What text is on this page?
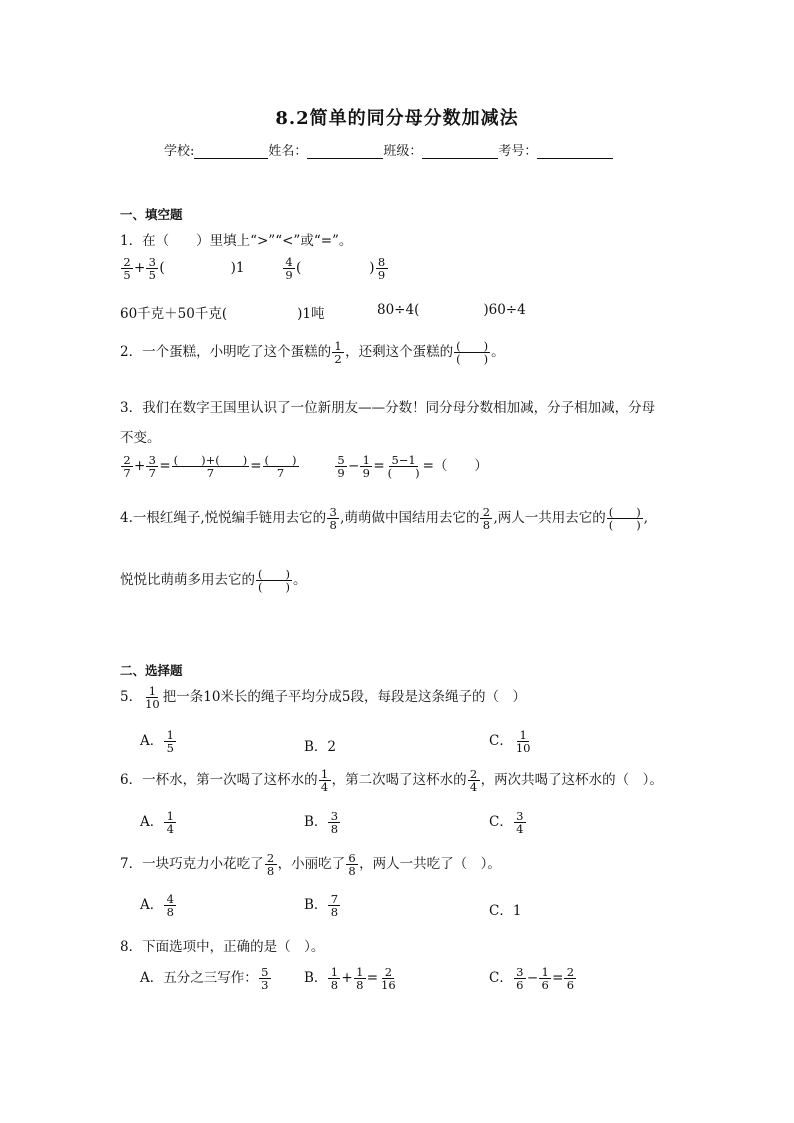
8.2简单的同分母分数加减法
学校:	姓名：	班级：	考号：
一、填空题
1．在（　　）里填上“>”“<”或“=”。
$\frac{2}{5} + \frac{3}{5}$ (	)1	$\frac{4}{9}$ (	) $\frac{8}{9}$
60千克＋50千克(	)1吨	80÷4(	)60÷4
2．一个蛋糕，小明吃了这个蛋糕的 $\frac{1}{2}$ ，还剩这个蛋糕的 $\frac{( )}{( )}$ 。
3．我们在数字王国里认识了一位新朋友——分数！同分母分数相加减，分子相加减，分母
不变。
$\frac{2}{7} + \frac{3}{7} = \frac{( )+( )}{7} = \frac{( )}{7}$	$\frac{5}{9} - \frac{1}{9} = \frac{5-1}{( )}$ =（　　）
4.一根红绳子,悦悦编手链用去它的 $\frac{3}{8}$ ,萌萌做中国结用去它的 $\frac{2}{8}$ ,两人一共用去它的 $\frac{( )}{( )}$ ,
悦悦比萌萌多用去它的 $\frac{( )}{( )}$ 。
二、选择题
5． $\frac{1}{10}$ 把一条10米长的绳子平均分成5段，每段是这条绳子的（　）
A． $\frac{1}{5}$	B．2	C． $\frac{1}{10}$
6．一杯水，第一次喝了这杯水的 $\frac{1}{4}$ ，第二次喝了这杯水的 $\frac{2}{4}$ ，两次共喝了这杯水的（　）。
A． $\frac{1}{4}$	B． $\frac{3}{8}$	C． $\frac{3}{4}$
7．一块巧克力小花吃了 $\frac{2}{8}$ ，小丽吃了 $\frac{6}{8}$ ，两人一共吃了（　）。
A． $\frac{4}{8}$	B． $\frac{7}{8}$	C．1
8．下面选项中，正确的是（　）。
A．五分之三写作： $\frac{5}{3}$ B． $\frac{1}{8} + \frac{1}{8} = \frac{2}{16}$	C． $\frac{3}{6} - \frac{1}{6} = \frac{2}{6}$
